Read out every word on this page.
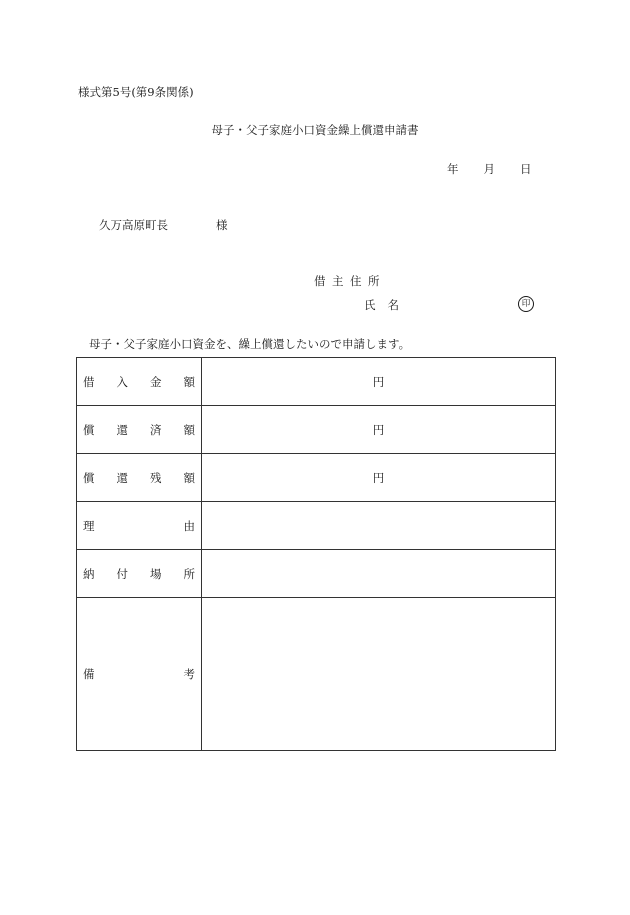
様式第5号(第9条関係)
母子・父子家庭小口資金繰上償還申請書
年 月 日
久万高原町長	様
借主住所
氏名	印
母子・父子家庭小口資金を、繰上償還したいので申請します。
借 入 金 額	円

償 還 済 額	円

償 還 残 額	円

理 由	

納 付 場 所	

備 考	
